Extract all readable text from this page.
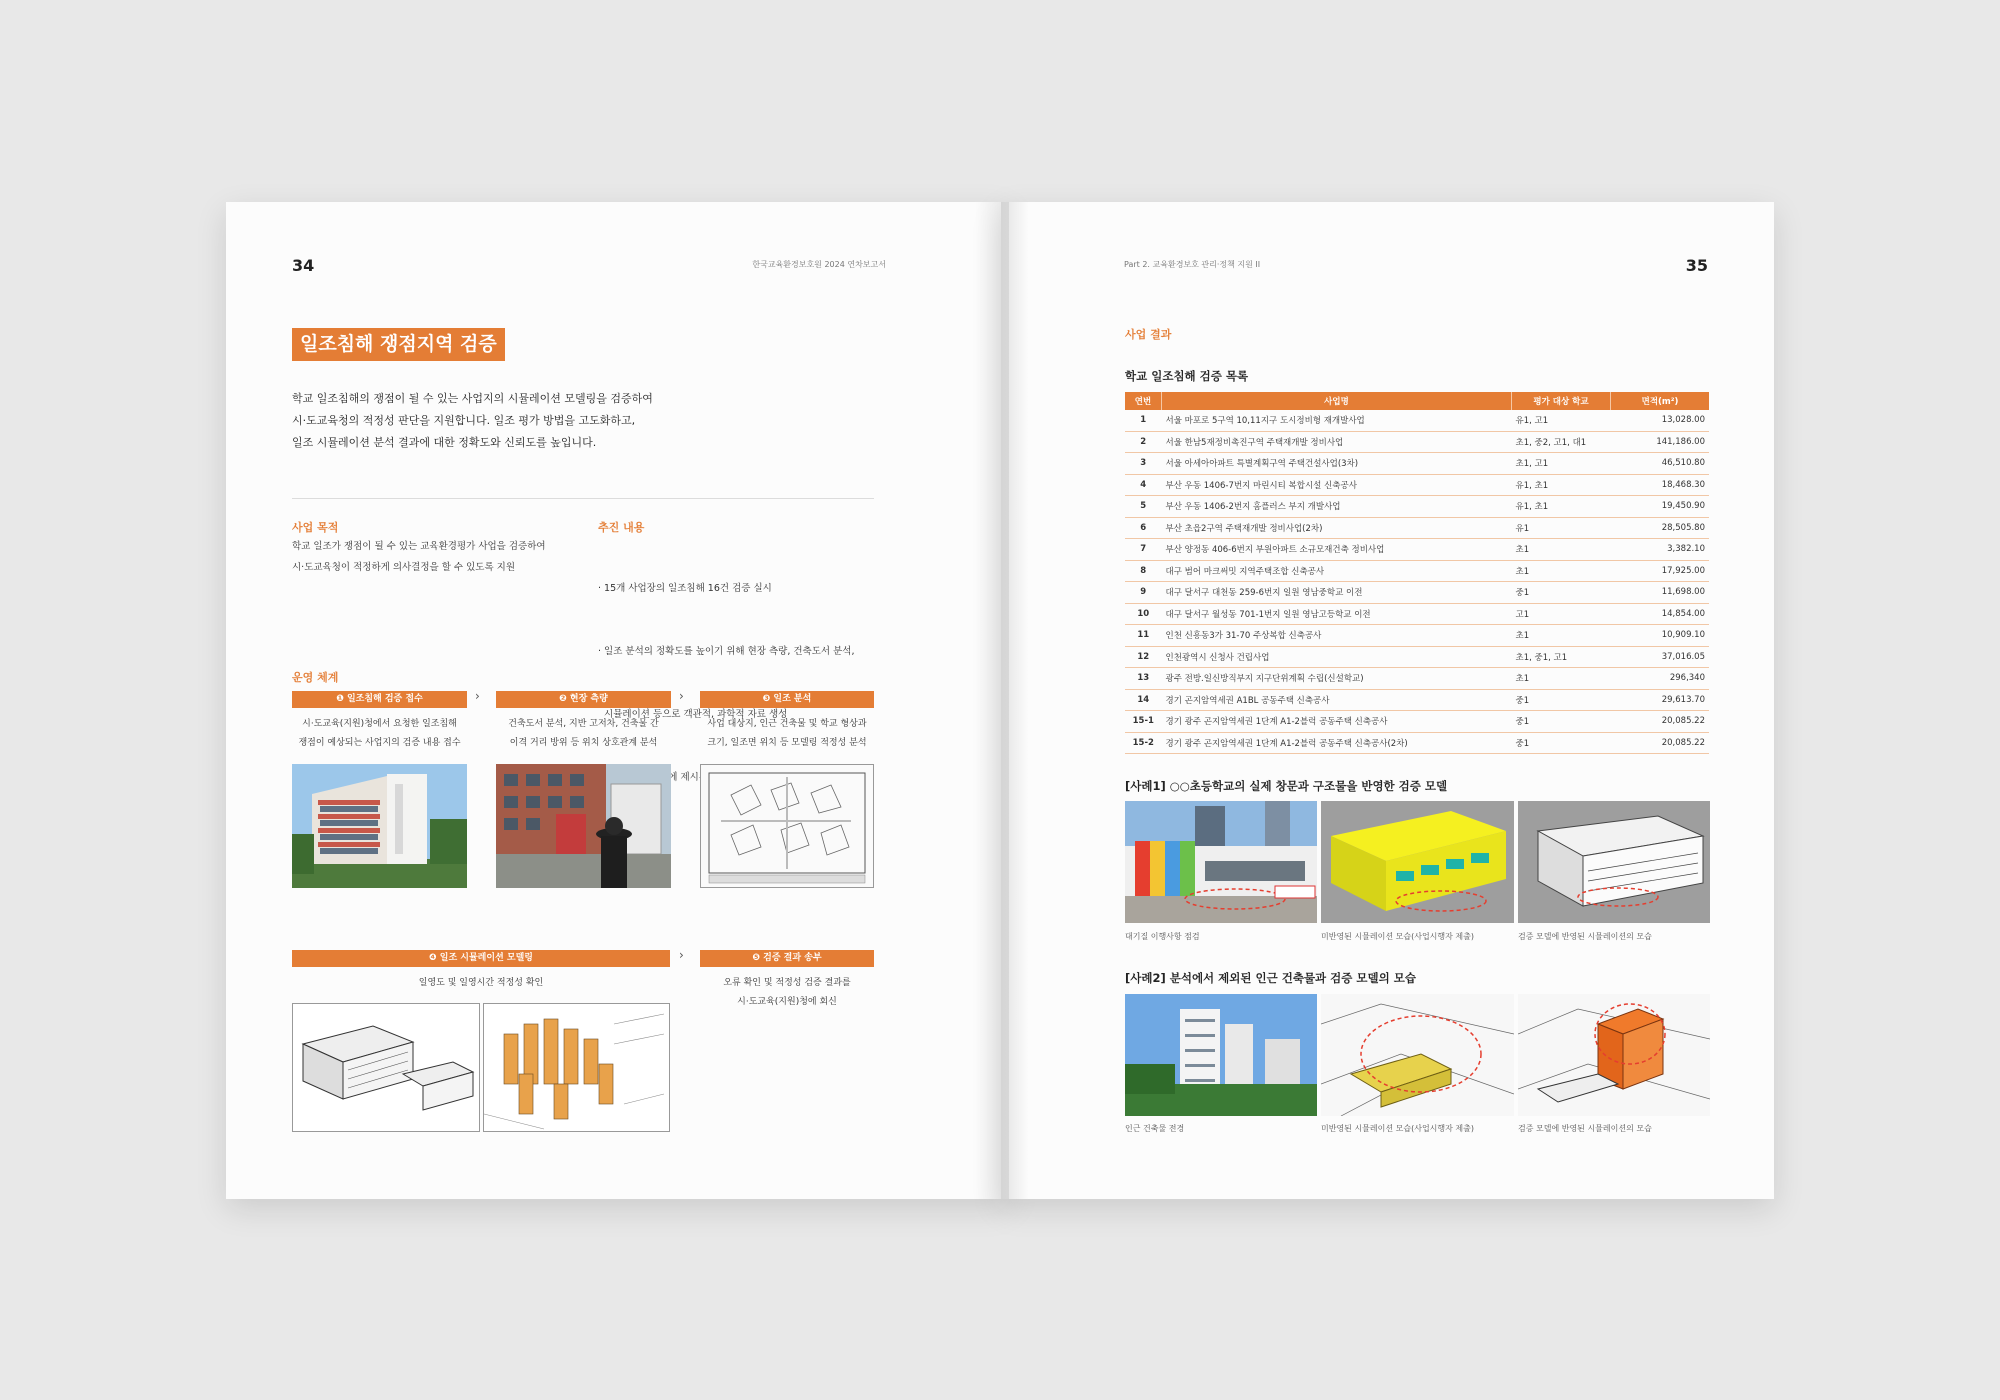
34	한국교육환경보호원 2024 연차보고서
일조침해 쟁점지역 검증
학교 일조침해의 쟁점이 될 수 있는 사업지의 시뮬레이션 모델링을 검증하여
시·도교육청의 적정성 판단을 지원합니다. 일조 평가 방법을 고도화하고,
일조 시뮬레이션 분석 결과에 대한 정확도와 신뢰도를 높입니다.
사업 목적
학교 일조가 쟁점이 될 수 있는 교육환경평가 사업을 검증하여
시·도교육청이 적정하게 의사결정을 할 수 있도록 지원
추진 내용

· 15개 사업장의 일조침해 16건 검증 실시

· 일조 분석의 정확도를 높이기 위해 현장 측량, 건축도서 분석,

시뮬레이션 등으로 객관적, 과학적 자료 생성

제시된

운영 체계
❶ 일조침해 검증 접수	›	❷ 현장 측량	›	❸ 일조 분석
시·도교육(지원)청에서 요청한 일조침해
쟁점이 예상되는 사업지의 검증 내용 접수
건축도서 분석, 지반 고저차, 건축물 간
이격 거리 방위 등 위치 상호관계 분석
사업 대상지, 인근 건축물 및 학교 형상과
크기, 일조면 위치 등 모델링 적정성 분석
❹ 일조 시뮬레이션 모델링	›	❺ 검증 결과 송부
일영도 및 일영시간 적정성 확인	오류 확인 및 적정성 검증 결과를
시·도교육(지원)청에 회신
Part 2. 교육환경보호 관리·정책 지원 II	35
사업 결과
학교 일조침해 검증 목록
연번	사업명	평가 대상 학교	면적(m²)
1	서울 마포로 5구역 10,11지구 도시정비형 재개발사업	유1, 고1	13,028.00
2	서울 한남5재정비촉진구역 주택재개발 정비사업	초1, 중2, 고1, 대1	141,186.00
3	서울 아세아아파트 특별계획구역 주택건설사업(3차)	초1, 고1	46,510.80
4	부산 우동 1406-7번지 마린시티 복합시설 신축공사	유1, 초1	18,468.30
5	부산 우동 1406-2번지 홈플러스 부지 개발사업	유1, 초1	19,450.90
6	부산 초읍2구역 주택재개발 정비사업(2차)	유1	28,505.80
7	부산 양정동 406-6번지 부원아파트 소규모재건축 정비사업	초1	3,382.10
8	대구 범어 마크써밋 지역주택조합 신축공사	초1	17,925.00
9	대구 달서구 대천동 259-6번지 일원 영남중학교 이전	중1	11,698.00
10	대구 달서구 월성동 701-1번지 일원 영남고등학교 이전	고1	14,854.00
11	인천 신흥동3가 31-70 주상복합 신축공사	초1	10,909.10
12	인천광역시 신청사 건립사업	초1, 중1, 고1	37,016.05
13	광주 전방.일신방직부지 지구단위계획 수립(신설학교)	초1	296,340
14	경기 곤지암역세권 A1BL 공동주택 신축공사	중1	29,613.70
15-1	경기 광주 곤지암역세권 1단계 A1-2블럭 공동주택 신축공사	중1	20,085.22
15-2	경기 광주 곤지암역세권 1단계 A1-2블럭 공동주택 신축공사(2차)	중1	20,085.22
[사례1] ○○초등학교의 실제 창문과 구조물을 반영한 검증 모델
대기질 이행사항 점검	미반영된 시뮬레이션 모습(사업시행자 제출)	검증 모델에 반영된 시뮬레이션의 모습
[사례2] 분석에서 제외된 인근 건축물과 검증 모델의 모습
인근 건축물 전경	미반영된 시뮬레이션 모습(사업시행자 제출)	검증 모델에 반영된 시뮬레이션의 모습
